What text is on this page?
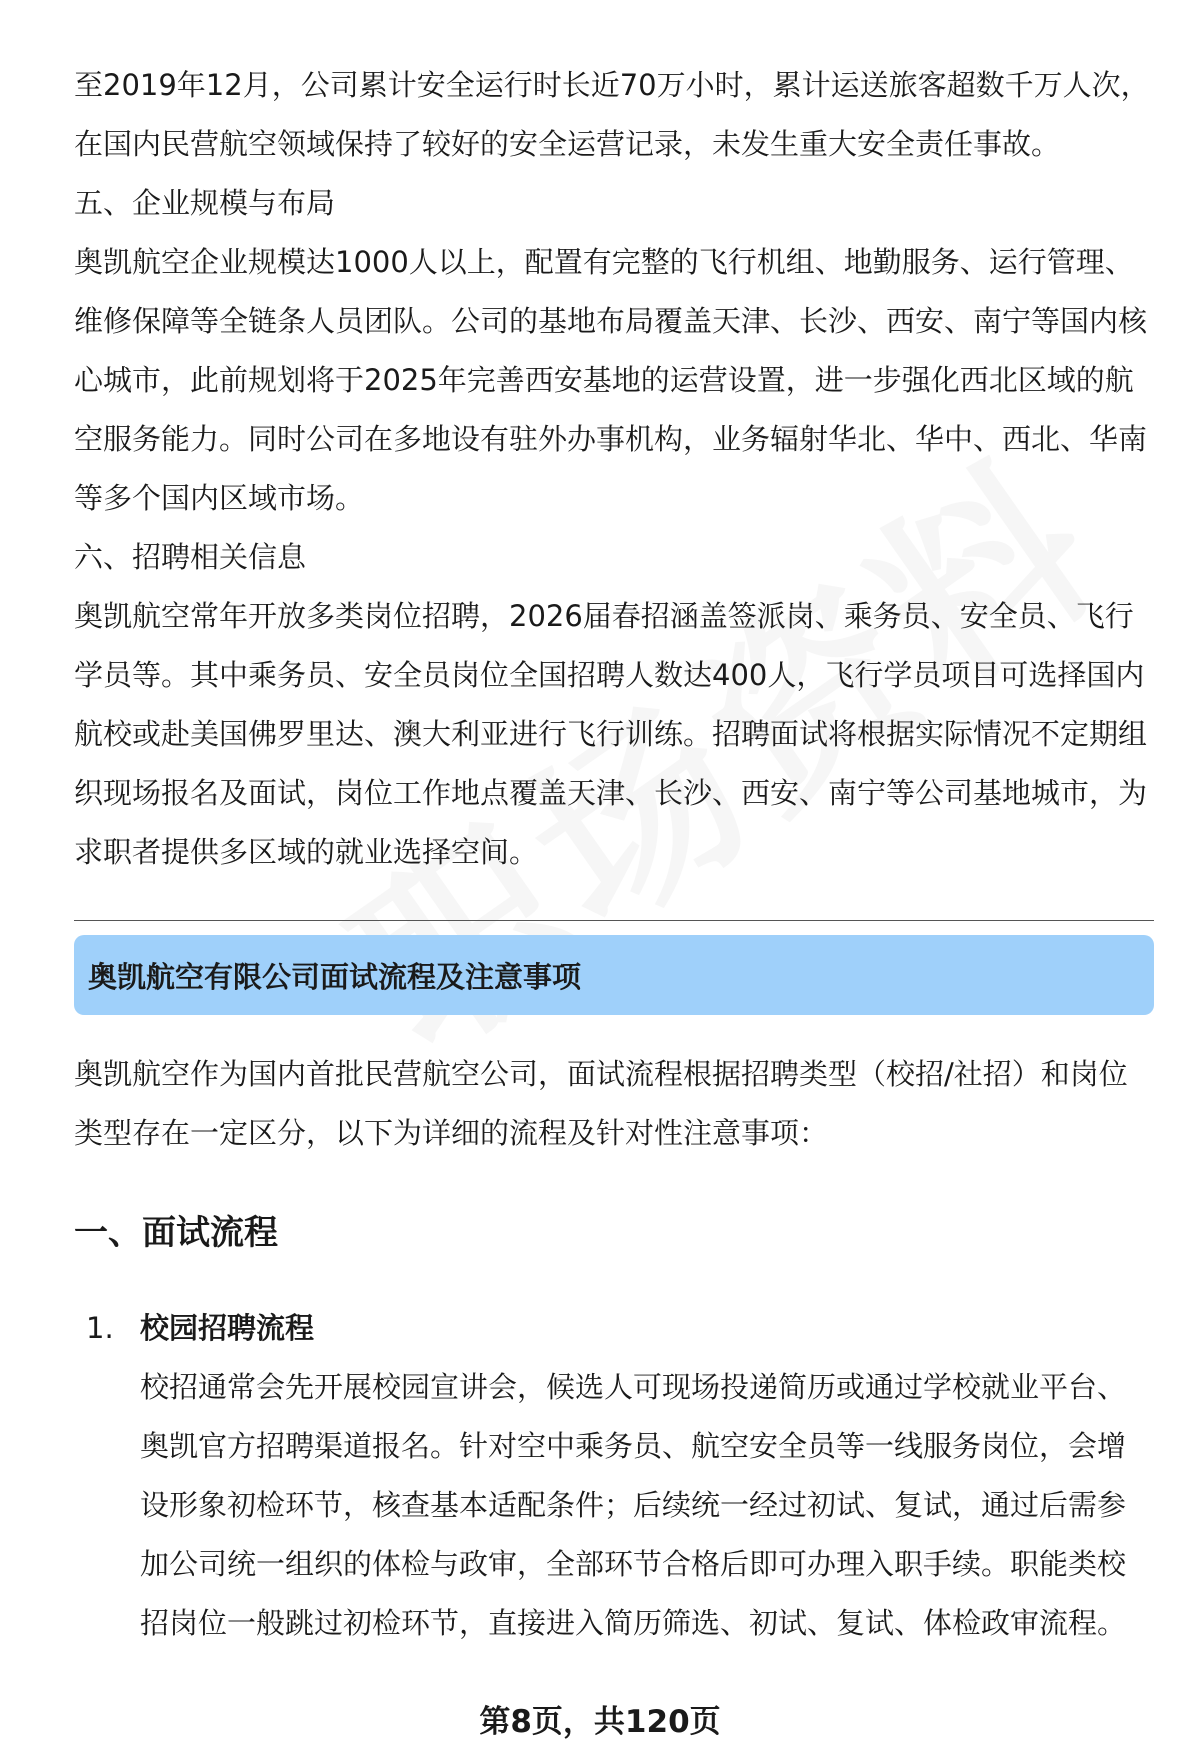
至2019年12月，公司累计安全运行时长近70万小时，累计运送旅客超数千万人次，在国内民营航空领域保持了较好的安全运营记录，未发生重大安全责任事故。

五、企业规模与布局

奥凯航空企业规模达1000人以上，配置有完整的飞行机组、地勤服务、运行管理、维修保障等全链条人员团队。公司的基地布局覆盖天津、长沙、西安、南宁等国内核心城市，此前规划将于2025年完善西安基地的运营设置，进一步强化西北区域的航空服务能力。同时公司在多地设有驻外办事机构，业务辐射华北、华中、西北、华南等多个国内区域市场。

六、招聘相关信息

奥凯航空常年开放多类岗位招聘，2026届春招涵盖签派岗、乘务员、安全员、飞行学员等。其中乘务员、安全员岗位全国招聘人数达400人，飞行学员项目可选择国内航校或赴美国佛罗里达、澳大利亚进行飞行训练。招聘面试将根据实际情况不定期组织现场报名及面试，岗位工作地点覆盖天津、长沙、西安、南宁等公司基地城市，为求职者提供多区域的就业选择空间。

奥凯航空有限公司面试流程及注意事项

奥凯航空作为国内首批民营航空公司，面试流程根据招聘类型（校招/社招）和岗位类型存在一定区分，以下为详细的流程及针对性注意事项：

一、面试流程
1. 校园招聘流程
校招通常会先开展校园宣讲会，候选人可现场投递简历或通过学校就业平台、奥凯官方招聘渠道报名。针对空中乘务员、航空安全员等一线服务岗位，会增设形象初检环节，核查基本适配条件；后续统一经过初试、复试，通过后需参加公司统一组织的体检与政审，全部环节合格后即可办理入职手续。职能类校招岗位一般跳过初检环节，直接进入简历筛选、初试、复试、体检政审流程。
第8页，共120页
